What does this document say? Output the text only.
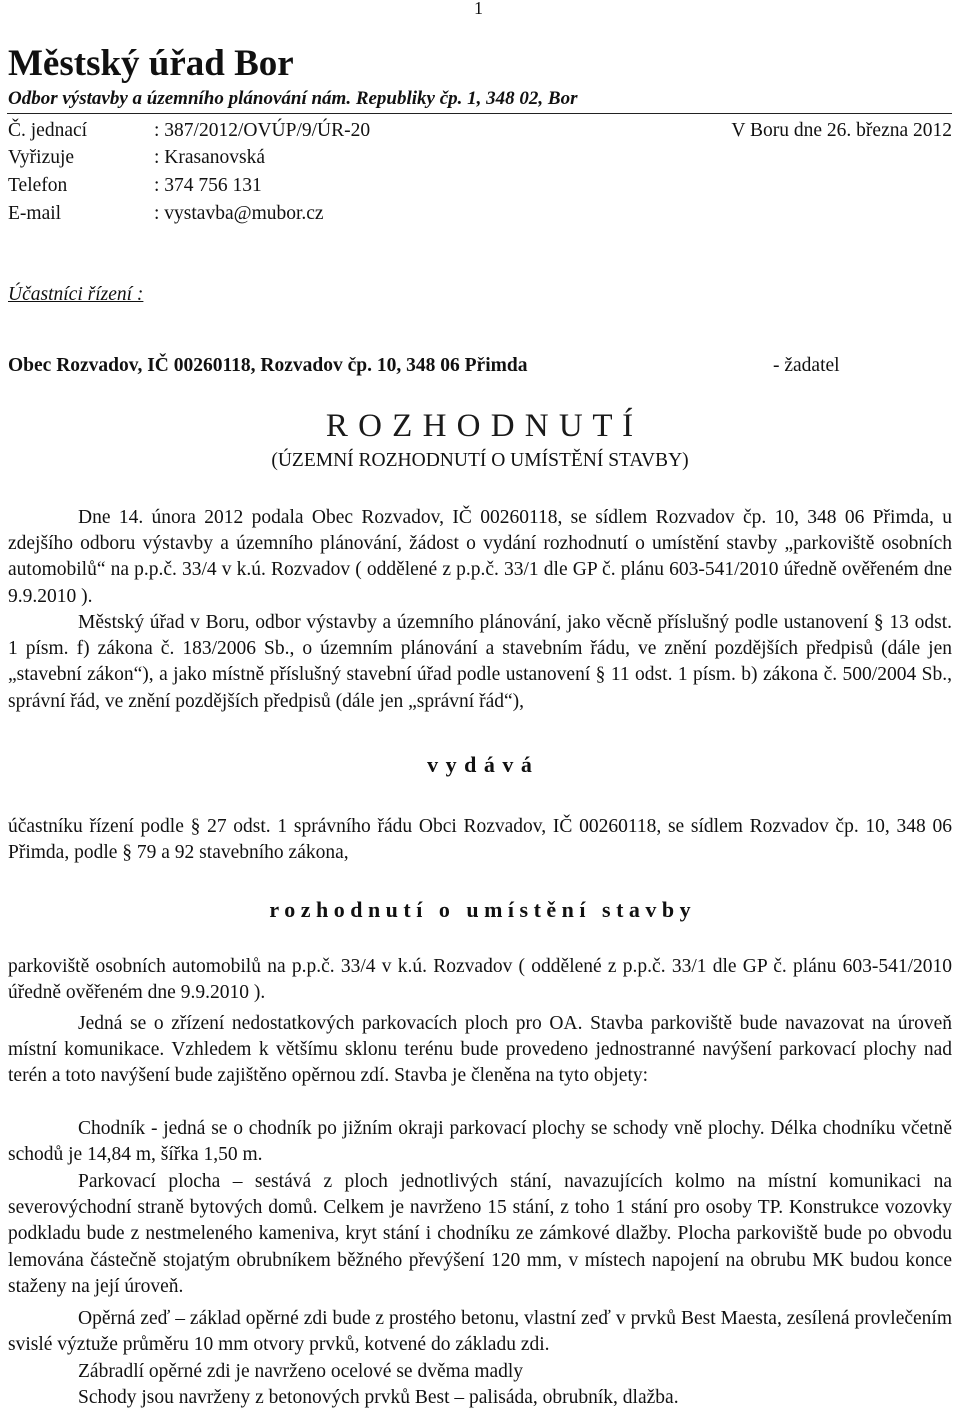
1
Městský úřad Bor
Odbor výstavby a územního plánování nám. Republiky čp. 1, 348 02, Bor
Č. jednací	: 387/2012/OVÚP/9/ÚR-20	V Boru dne 26. března 2012
Vyřizuje	: Krasanovská
Telefon	: 374 756 131
E-mail	: vystavba@mubor.cz
Účastníci řízení :
Obec Rozvadov, IČ 00260118, Rozvadov čp. 10, 348 06 Přimda	- žadatel
R O Z H O D N U T Í
(ÚZEMNÍ ROZHODNUTÍ O UMÍSTĚNÍ STAVBY)
Dne 14. února 2012 podala Obec Rozvadov, IČ 00260118, se sídlem Rozvadov čp. 10, 348 06 Přimda, u zdejšího odboru výstavby a územního plánování, žádost o vydání rozhodnutí o umístění stavby „parkoviště osobních automobilů“ na p.p.č. 33/4 v k.ú. Rozvadov ( oddělené z p.p.č. 33/1 dle GP č. plánu 603-541/2010 úředně ověřeném dne 9.9.2010 ).
Městský úřad v Boru, odbor výstavby a územního plánování, jako věcně příslušný podle ustanovení § 13 odst. 1 písm. f) zákona č. 183/2006 Sb., o územním plánování a stavebním řádu, ve znění pozdějších předpisů (dále jen „stavební zákon“), a jako místně příslušný stavební úřad podle ustanovení § 11 odst. 1 písm. b) zákona č. 500/2004 Sb., správní řád, ve znění pozdějších předpisů (dále jen „správní řád“),
v y d á v á
účastníku řízení podle § 27 odst. 1 správního řádu Obci Rozvadov, IČ 00260118, se sídlem Rozvadov čp. 10, 348 06 Přimda, podle § 79 a 92 stavebního zákona,
r o z h o d n u t í   o   u m í s t ě n í   s t a v b y
parkoviště osobních automobilů na p.p.č. 33/4 v k.ú. Rozvadov ( oddělené z p.p.č. 33/1 dle GP č. plánu 603-541/2010 úředně ověřeném dne 9.9.2010 ).
Jedná se o zřízení nedostatkových parkovacích ploch pro OA. Stavba parkoviště bude navazovat na úroveň místní komunikace. Vzhledem k většímu sklonu terénu bude provedeno jednostranné navýšení parkovací plochy nad terén a toto navýšení bude zajištěno opěrnou zdí. Stavba je členěna na tyto objety:
Chodník - jedná se o chodník po jižním okraji parkovací plochy se schody vně plochy. Délka chodníku včetně schodů je 14,84 m, šířka 1,50 m.
Parkovací plocha – sestává z ploch jednotlivých stání, navazujících kolmo na místní komunikaci na severovýchodní straně bytových domů. Celkem je navrženo 15 stání, z toho 1 stání pro osoby TP. Konstrukce vozovky podkladu bude z nestmeleného kameniva, kryt stání i chodníku ze zámkové dlažby. Plocha parkoviště bude po obvodu lemována částečně stojatým obrubníkem běžného převýšení 120 mm, v místech napojení na obrubu MK budou konce staženy na její úroveň.
Opěrná zeď – základ opěrné zdi bude z prostého betonu, vlastní zeď v prvků Best Maesta, zesílená provlečením svislé výztuže průměru 10 mm otvory prvků, kotvené do základu zdi.
Zábradlí opěrné zdi je navrženo ocelové se dvěma madly
Schody jsou navrženy z betonových prvků Best – palisáda, obrubník, dlažba.
